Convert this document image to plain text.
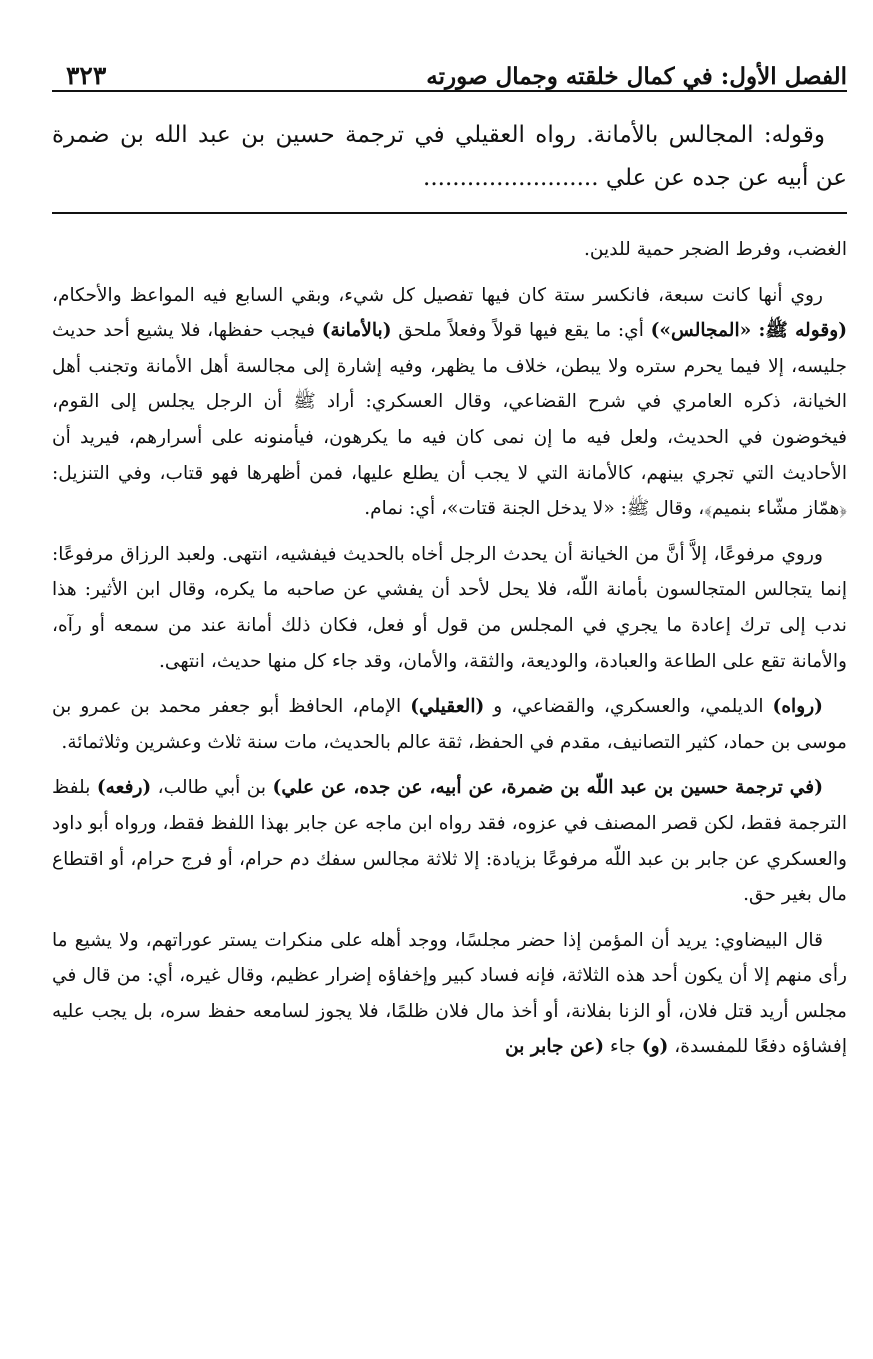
الفصل الأول: في كمال خلقته وجمال صورته
٣٢٣

وقوله: المجالس بالأمانة. رواه العقيلي في ترجمة حسين بن عبد الله بن ضمرة عن أبيه عن جده عن علي ........................

الغضب، وفرط الضجر حمية للدين.

روي أنها كانت سبعة، فانكسر ستة كان فيها تفصيل كل شيء، وبقي السابع فيه المواعظ والأحكام، (وقوله ﷺ: «المجالس») أي: ما يقع فيها قولاً وفعلاً ملحق (بالأمانة) فيجب حفظها، فلا يشيع أحد حديث جليسه، إلا فيما يحرم ستره ولا يبطن، خلاف ما يظهر، وفيه إشارة إلى مجالسة أهل الأمانة وتجنب أهل الخيانة، ذكره العامري في شرح القضاعي، وقال العسكري: أراد ﷺ أن الرجل يجلس إلى القوم، فيخوضون في الحديث، ولعل فيه ما إن نمى كان فيه ما يكرهون، فيأمنونه على أسرارهم، فيريد أن الأحاديث التي تجري بينهم، كالأمانة التي لا يجب أن يطلع عليها، فمن أظهرها فهو قتاب، وفي التنزيل: ﴿همّاز مشّاء بنميم﴾، وقال ﷺ: «لا يدخل الجنة قتات»، أي: نمام.

وروي مرفوعًا، إلاَّ أنَّ من الخيانة أن يحدث الرجل أخاه بالحديث فيفشيه، انتهى. ولعبد الرزاق مرفوعًا: إنما يتجالس المتجالسون بأمانة اللّه، فلا يحل لأحد أن يفشي عن صاحبه ما يكره، وقال ابن الأثير: هذا ندب إلى ترك إعادة ما يجري في المجلس من قول أو فعل، فكان ذلك أمانة عند من سمعه أو رآه، والأمانة تقع على الطاعة والعبادة، والوديعة، والثقة، والأمان، وقد جاء كل منها حديث، انتهى.

(رواه) الديلمي، والعسكري، والقضاعي، و (العقيلي) الإمام، الحافظ أبو جعفر محمد بن عمرو بن موسى بن حماد، كثير التصانيف، مقدم في الحفظ، ثقة عالم بالحديث، مات سنة ثلاث وعشرين وثلاثمائة.

(في ترجمة حسين بن عبد اللّه بن ضمرة، عن أبيه، عن جده، عن علي) بن أبي طالب، (رفعه) بلفظ الترجمة فقط، لكن قصر المصنف في عزوه، فقد رواه ابن ماجه عن جابر بهذا اللفظ فقط، ورواه أبو داود والعسكري عن جابر بن عبد اللّه مرفوعًا بزيادة: إلا ثلاثة مجالس سفك دم حرام، أو فرج حرام، أو اقتطاع مال بغير حق.

قال البيضاوي: يريد أن المؤمن إذا حضر مجلسًا، ووجد أهله على منكرات يستر عوراتهم، ولا يشيع ما رأى منهم إلا أن يكون أحد هذه الثلاثة، فإنه فساد كبير وإخفاؤه إضرار عظيم، وقال غيره، أي: من قال في مجلس أريد قتل فلان، أو الزنا بفلانة، أو أخذ مال فلان ظلمًا، فلا يجوز لسامعه حفظ سره، بل يجب عليه إفشاؤه دفعًا للمفسدة، (و) جاء (عن جابر بن
